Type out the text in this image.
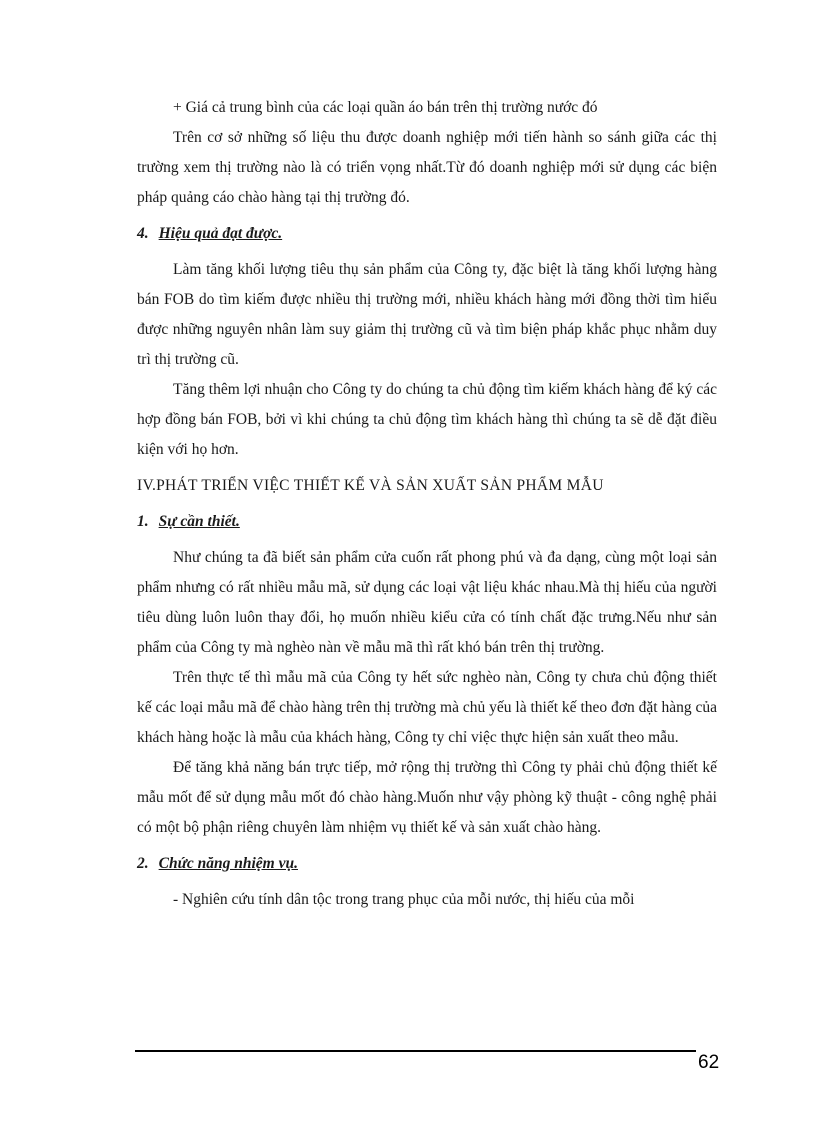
+ Giá cả trung bình của các loại quần áo bán trên thị trường nước đó

Trên cơ sở những số liệu thu được doanh nghiệp mới tiến hành so sánh giữa các thị trường xem thị trường nào là có triển vọng nhất.Từ đó doanh nghiệp mới sử dụng các biện pháp quảng cáo chào hàng tại thị trường đó.

4. Hiệu quả đạt được.

Làm tăng khối lượng tiêu thụ sản phẩm của Công ty, đặc biệt là tăng khối lượng hàng bán FOB do tìm kiếm được nhiều thị trường mới, nhiều khách hàng mới đồng thời tìm hiểu được những nguyên nhân làm suy giảm thị trường cũ và tìm biện pháp khắc phục nhằm duy trì thị trường cũ.

Tăng thêm lợi nhuận cho Công ty do chúng ta chủ động tìm kiếm khách hàng để ký các hợp đồng bán FOB, bởi vì khi chúng ta chủ động tìm khách hàng thì chúng ta sẽ dễ đặt điều kiện với họ hơn.

IV.PHÁT TRIỂN VIỆC THIẾT KẾ VÀ SẢN XUẤT SẢN PHẨM MẪU
1. Sự cần thiết.

Như chúng ta đã biết sản phẩm cửa cuốn rất phong phú và đa dạng, cùng một loại sản phẩm nhưng có rất nhiều mẫu mã, sử dụng các loại vật liệu khác nhau.Mà thị hiếu của người tiêu dùng luôn luôn thay đổi, họ muốn nhiều kiểu cửa có tính chất đặc trưng.Nếu như sản phẩm của Công ty mà nghèo nàn về mẫu mã thì rất khó bán trên thị trường.

Trên thực tế thì mẫu mã của Công ty hết sức nghèo nàn, Công ty chưa chủ động thiết kế các loại mẫu mã để chào hàng trên thị trường mà chủ yếu là thiết kế theo đơn đặt hàng của khách hàng hoặc là mẫu của khách hàng, Công ty chỉ việc thực hiện sản xuất theo mẫu.

Để tăng khả năng bán trực tiếp, mở rộng thị trường thì Công ty phải chủ động thiết kế mẫu mốt để sử dụng mẫu mốt đó chào hàng.Muốn như vậy phòng kỹ thuật - công nghệ phải có một bộ phận riêng chuyên làm nhiệm vụ thiết kế và sản xuất chào hàng.

2. Chức năng nhiệm vụ.

- Nghiên cứu tính dân tộc trong trang phục của mỗi nước, thị hiếu của mỗi

62
